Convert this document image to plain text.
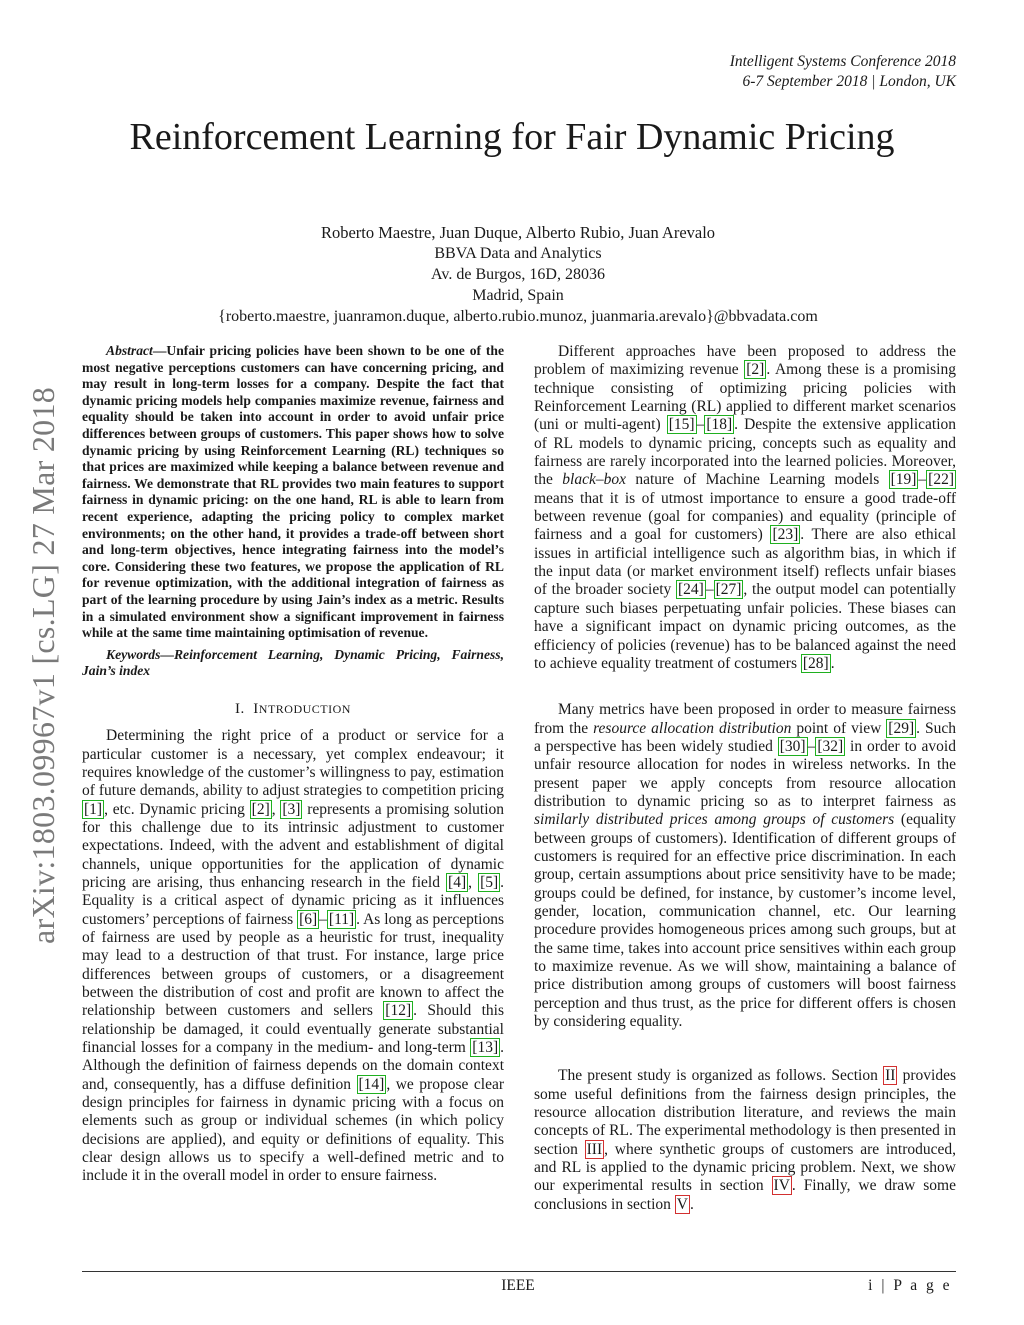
Intelligent Systems Conference 2018
6-7 September 2018 | London, UK
Reinforcement Learning for Fair Dynamic Pricing
Roberto Maestre, Juan Duque, Alberto Rubio, Juan Arevalo
BBVA Data and Analytics
Av. de Burgos, 16D, 28036
Madrid, Spain
{roberto.maestre, juanramon.duque, alberto.rubio.munoz, juanmaria.arevalo}@bbvadata.com
arXiv:1803.09967v1 [cs.LG] 27 Mar 2018

Abstract—Unfair pricing policies have been shown to be one of the most negative perceptions customers can have concerning pricing, and may result in long-term losses for a company. Despite the fact that dynamic pricing models help companies maximize revenue, fairness and equality should be taken into account in order to avoid unfair price differences between groups of customers. This paper shows how to solve dynamic pricing by using Reinforcement Learning (RL) techniques so that prices are maximized while keeping a balance between revenue and fairness. We demonstrate that RL provides two main features to support fairness in dynamic pricing: on the one hand, RL is able to learn from recent experience, adapting the pricing policy to complex market environments; on the other hand, it provides a trade-off between short and long-term objectives, hence integrating fairness into the model’s core. Considering these two features, we propose the application of RL for revenue optimization, with the additional integration of fairness as part of the learning procedure by using Jain’s index as a metric. Results in a simulated environment show a significant improvement in fairness while at the same time maintaining optimisation of revenue.

Keywords—Reinforcement Learning, Dynamic Pricing, Fairness, Jain’s index

I. INTRODUCTION

Determining the right price of a product or service for a particular customer is a necessary, yet complex endeavour; it requires knowledge of the customer’s willingness to pay, estimation of future demands, ability to adjust strategies to competition pricing [1] , etc. Dynamic pricing [2] , [3] represents a promising solution for this challenge due to its intrinsic adjustment to customer expectations. Indeed, with the advent and establishment of digital channels, unique opportunities for the application of dynamic pricing are arising, thus enhancing research in the field [4] , [5] . Equality is a critical aspect of dynamic pricing as it influences customers’ perceptions of fairness [6] – [11] . As long as perceptions of fairness are used by people as a heuristic for trust, inequality may lead to a destruction of that trust. For instance, large price differences between groups of customers, or a disagreement between the distribution of cost and profit are known to affect the relationship between customers and sellers [12] . Should this relationship be damaged, it could eventually generate substantial financial losses for a company in the medium- and long-term [13] . Although the definition of fairness depends on the domain context and, consequently, has a diffuse definition [14] , we propose clear design principles for fairness in dynamic pricing with a focus on elements such as group or individual schemes (in which policy decisions are applied), and equity or definitions of equality. This clear design allows us to specify a well-defined metric and to include it in the overall model in order to ensure fairness.

Different approaches have been proposed to address the problem of maximizing revenue [2] . Among these is a promising technique consisting of optimizing pricing policies with Reinforcement Learning (RL) applied to different market scenarios (uni or multi-agent) [15] – [18] . Despite the extensive application of RL models to dynamic pricing, concepts such as equality and fairness are rarely incorporated into the learned policies. Moreover, the black–box nature of Machine Learning models [19] – [22] means that it is of utmost importance to ensure a good trade-off between revenue (goal for companies) and equality (principle of fairness and a goal for customers) [23] . There are also ethical issues in artificial intelligence such as algorithm bias, in which if the input data (or market environment itself) reflects unfair biases of the broader society [24] – [27] , the output model can potentially capture such biases perpetuating unfair policies. These biases can have a significant impact on dynamic pricing outcomes, as the efficiency of policies (revenue) has to be balanced against the need to achieve equality treatment of costumers [28] .

Many metrics have been proposed in order to measure fairness from the resource allocation distribution point of view [29] . Such a perspective has been widely studied [30] – [32] in order to avoid unfair resource allocation for nodes in wireless networks. In the present paper we apply concepts from resource allocation distribution to dynamic pricing so as to interpret fairness as similarly distributed prices among groups of customers (equality between groups of customers). Identification of different groups of customers is required for an effective price discrimination. In each group, certain assumptions about price sensitivity have to be made; groups could be defined, for instance, by customer’s income level, gender, location, communication channel, etc. Our learning procedure provides homogeneous prices among such groups, but at the same time, takes into account price sensitives within each group to maximize revenue. As we will show, maintaining a balance of price distribution among groups of customers will boost fairness perception and thus trust, as the price for different offers is chosen by considering equality.

The present study is organized as follows. Section II provides some useful definitions from the fairness design principles, the resource allocation distribution literature, and reviews the main concepts of RL. The experimental methodology is then presented in section III , where synthetic groups of customers are introduced, and RL is applied to the dynamic pricing problem. Next, we show our experimental results in section IV . Finally, we draw some conclusions in section V .

IEEE	i | P a g e
